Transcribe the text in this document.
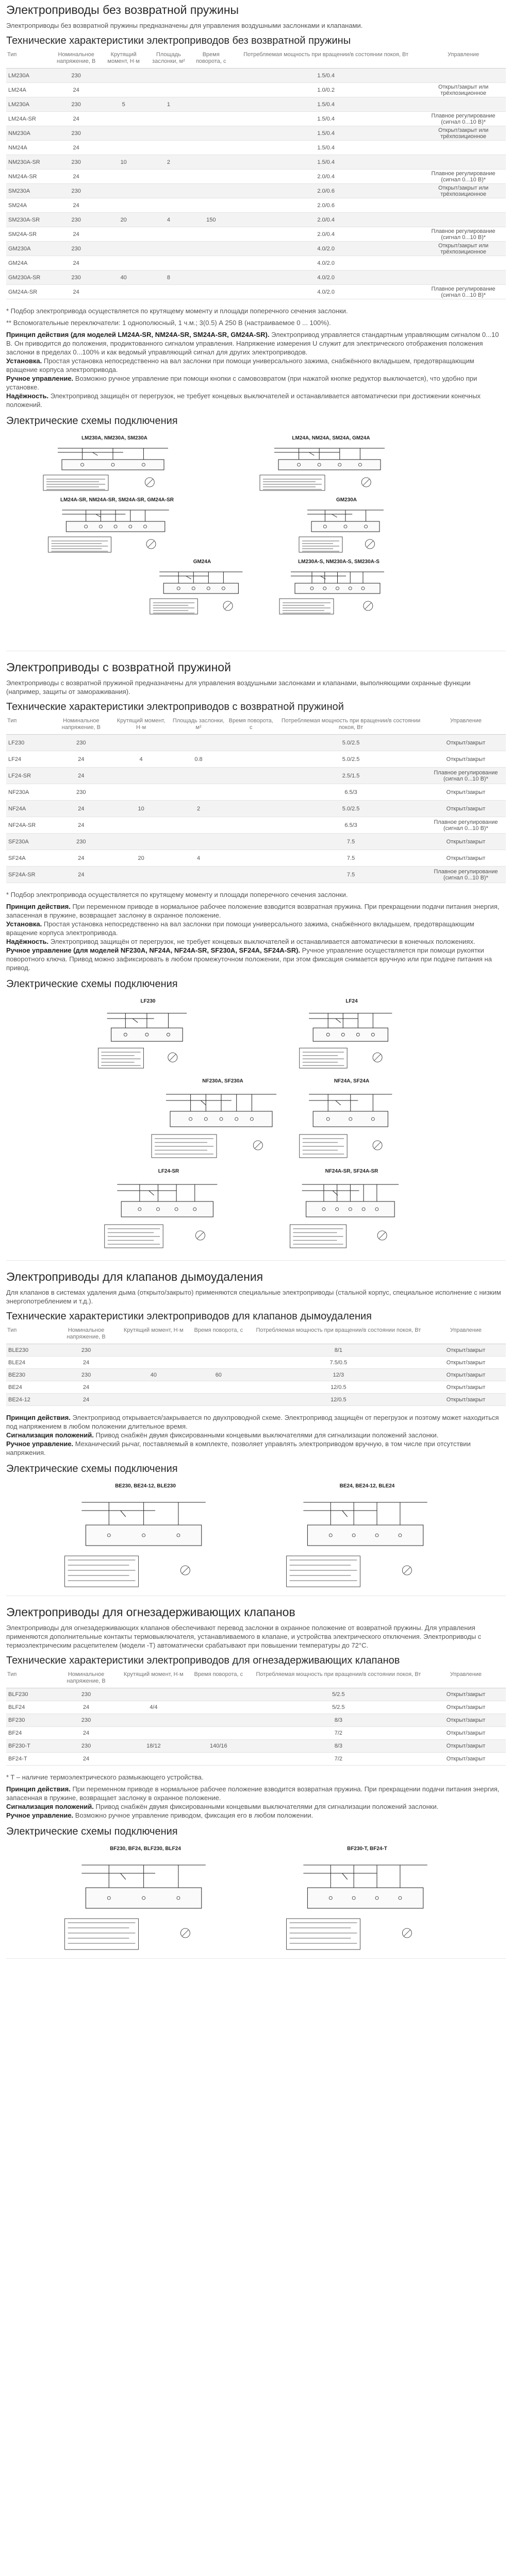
Электроприводы без возвратной пружины

Электроприводы без возвратной пружины предназначены для управления воздушными заслонками и клапанами.

Технические характеристики электроприводов без возвратной пружины
Тип	Номинальное напряжение, В	Крутящий момент, Н·м	Площадь заслонки, м²	Время поворота, с	Потребляемая мощность при вращении/в состоянии покоя, Вт	Управление
LM230A	230				1.5/0.4	
LM24A	24				1.0/0.2	Открыт/закрыт или трёхпозиционное
LM230A	230	5	1		1.5/0.4	
LM24A-SR	24				1.5/0.4	Плавное регулирование (сигнал 0...10 В)*
NM230A	230				1.5/0.4	Открыт/закрыт или трёхпозиционное
NM24A	24				1.5/0.4	
NM230A-SR	230	10	2		1.5/0.4	
NM24A-SR	24				2.0/0.4	Плавное регулирование (сигнал 0...10 В)*
SM230A	230				2.0/0.6	Открыт/закрыт или трёхпозиционное
SM24A	24				2.0/0.6	
SM230A-SR	230	20	4	150	2.0/0.4	
SM24A-SR	24				2.0/0.4	Плавное регулирование (сигнал 0...10 В)*
GM230A	230				4.0/2.0	Открыт/закрыт или трёхпозиционное
GM24A	24				4.0/2.0	
GM230A-SR	230	40	8		4.0/2.0	
GM24A-SR	24				4.0/2.0	Плавное регулирование (сигнал 0...10 В)*

* Подбор электропривода осуществляется по крутящему моменту и площади поперечного сечения заслонки.

** Вспомогательные переключатели: 1 однополюсный, 1 ч.м.; 3(0.5) А 250 В (настраиваемое 0 ... 100%).

Принцип действия (для моделей LM24A-SR, NM24A-SR, SM24A-SR, GM24A-SR). Электропривод управляется стандартным управляющим сигналом 0...10 В. Он приводится до положения, продиктованного сигналом управления. Напряжение измерения U служит для электрического отображения положения заслонки в пределах 0...100% и как ведомый управляющий сигнал для других электроприводов.

Установка. Простая установка непосредственно на вал заслонки при помощи универсального зажима, снабжённого вкладышем, предотвращающим вращение корпуса электропривода.

Ручное управление. Возможно ручное управление при помощи кнопки с самовозвратом (при нажатой кнопке редуктор выключается), что удобно при установке.

Надёжность. Электропривод защищён от перегрузок, не требует концевых выключателей и останавливается автоматически при достижении конечных положений.

Электрические схемы подключения
LM230A, NM230A, SM230A	LM24A, NM24A, SM24A, GM24A
LM24A-SR, NM24A-SR, SM24A-SR, GM24A-SR	GM230A
GM24A	LM230A-S, NM230A-S, SM230A-S
Электроприводы с возвратной пружиной

Электроприводы с возвратной пружиной предназначены для управления воздушными заслонками и клапанами, выполняющими охранные функции (например, защиты от замораживания).

Технические характеристики электроприводов с возвратной пружиной
Тип	Номинальное напряжение, В	Крутящий момент, Н·м	Площадь заслонки, м²	Время поворота, с	Потребляемая мощность при вращении/в состоянии покоя, Вт	Управление
LF230	230				5.0/2.5	Открыт/закрыт
LF24	24	4	0.8		5.0/2.5	Открыт/закрыт
LF24-SR	24				2.5/1.5	Плавное регулирование (сигнал 0...10 В)*
NF230A	230				6.5/3	Открыт/закрыт
NF24A	24	10	2		5.0/2.5	Открыт/закрыт
NF24A-SR	24				6.5/3	Плавное регулирование (сигнал 0...10 В)*
SF230A	230				7.5	Открыт/закрыт
SF24A	24	20	4		7.5	Открыт/закрыт
SF24A-SR	24				7.5	Плавное регулирование (сигнал 0...10 В)*

* Подбор электропривода осуществляется по крутящему моменту и площади поперечного сечения заслонки.

Принцип действия. При переменном приводе в нормальное рабочее положение взводится возвратная пружина. При прекращении подачи питания энергия, запасенная в пружине, возвращает заслонку в охранное положение.

Установка. Простая установка непосредственно на вал заслонки при помощи универсального зажима, снабжённого вкладышем, предотвращающим вращение корпуса электропривода.

Надёжность. Электропривод защищён от перегрузок, не требует концевых выключателей и останавливается автоматически в конечных положениях.

Ручное управление (для моделей NF230A, NF24A, NF24A-SR, SF230A, SF24A, SF24A-SR). Ручное управление осуществляется при помощи рукоятки поворотного ключа. Привод можно зафиксировать в любом промежуточном положении, при этом фиксация снимается вручную или при подаче питания на привод.

Электрические схемы подключения
LF230	LF24
NF230A, SF230A	NF24A, SF24A
LF24-SR	NF24A-SR, SF24A-SR
Электроприводы для клапанов дымоудаления

Для клапанов в системах удаления дыма (открыто/закрыто) применяются специальные электроприводы (стальной корпус, специальное исполнение с низким энергопотреблением и т.д.).

Технические характеристики электроприводов для клапанов дымоудаления
Тип	Номинальное напряжение, В	Крутящий момент, Н·м	Время поворота, с	Потребляемая мощность при вращении/в состоянии покоя, Вт	Управление
BLE230	230			8/1	Открыт/закрыт
BLE24	24			7.5/0.5	Открыт/закрыт
BE230	230	40	60	12/3	Открыт/закрыт
BE24	24			12/0.5	Открыт/закрыт
BE24-12	24			12/0.5	Открыт/закрыт

Принцип действия. Электропривод открывается/закрывается по двухпроводной схеме. Электропривод защищён от перегрузок и поэтому может находиться под напряжением в любом положении длительное время.

Сигнализация положений. Привод снабжён двумя фиксированными концевыми выключателями для сигнализации положений заслонки.

Ручное управление. Механический рычаг, поставляемый в комплекте, позволяет управлять электроприводом вручную, в том числе при отсутствии напряжения.

Электрические схемы подключения
BE230, BE24-12, BLE230	BE24, BE24-12, BLE24
Электроприводы для огнезадерживающих клапанов

Электроприводы для огнезадерживающих клапанов обеспечивают перевод заслонки в охранное положение от возвратной пружины. Для управления применяются дополнительные контакты термовыключателя, устанавливаемого в клапане, и устройства электрического отключения. Электроприводы с термоэлектрическим расцепителем (модели -T) автоматически срабатывают при повышении температуры до 72°С.

Технические характеристики электроприводов для огнезадерживающих клапанов
Тип	Номинальное напряжение, В	Крутящий момент, Н·м	Время поворота, с	Потребляемая мощность при вращении/в состоянии покоя, Вт	Управление
BLF230	230			5/2.5	Открыт/закрыт
BLF24	24	4/4		5/2.5	Открыт/закрыт
BF230	230			8/3	Открыт/закрыт
BF24	24			7/2	Открыт/закрыт
BF230-T	230	18/12	140/16	8/3	Открыт/закрыт
BF24-T	24			7/2	Открыт/закрыт

* T – наличие термоэлектрического размыкающего устройства.

Принцип действия. При переменном приводе в нормальное рабочее положение взводится возвратная пружина. При прекращении подачи питания энергия, запасенная в пружине, возвращает заслонку в охранное положение.

Сигнализация положений. Привод снабжён двумя фиксированными концевыми выключателями для сигнализации положений заслонки.

Ручное управление. Возможно ручное управление приводом, фиксация его в любом положении.

Электрические схемы подключения
BF230, BF24, BLF230, BLF24	BF230-T, BF24-T
